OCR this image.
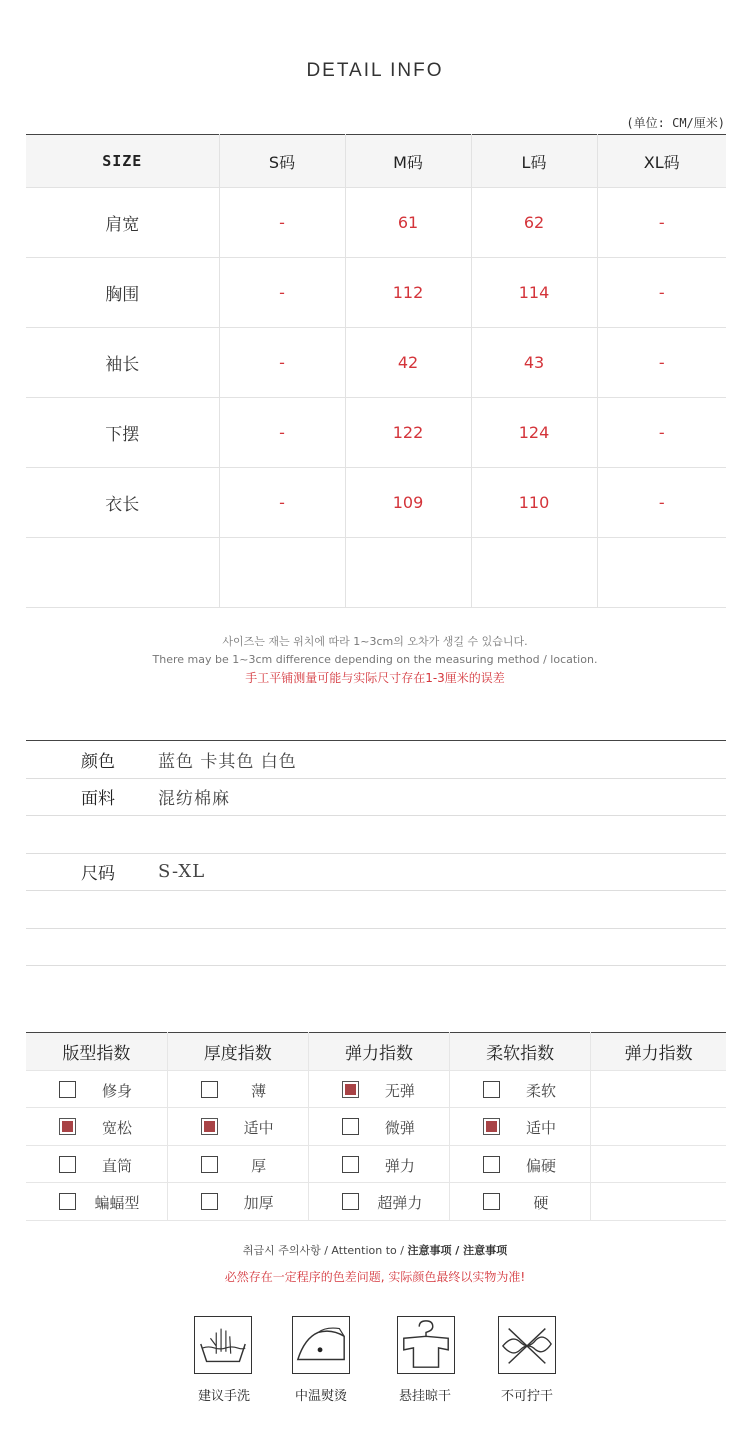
DETAIL INFO
(单位: CM/厘米)
SIZE	S码	M码	L码	XL码
肩宽	-	61	62	-
胸围	-	112	114	-
袖长	-	42	43	-
下摆	-	122	124	-
衣长	-	109	110	-

사이즈는 재는 위치에 따라 1~3cm의 오차가 생길 수 있습니다.
There may be 1~3cm difference depending on the measuring method / location.
手工平铺测量可能与实际尺寸存在1-3厘米的误差
颜色	蓝色 卡其色 白色
面料	混纺棉麻
尺码	S-XL
版型指数	厚度指数	弹力指数	柔软指数	弹力指数

修身	薄	无弹	柔软	

宽松	适中	微弹	适中	

直筒	厚	弹力	偏硬	

蝙蝠型	加厚	超弹力	硬	

취급시 주의사항 / Attention to / 注意事项 / 注意事项
必然存在一定程序的色差问题, 实际颜色最终以实物为准!
建议手洗	中温熨烫	悬挂晾干	不可拧干
